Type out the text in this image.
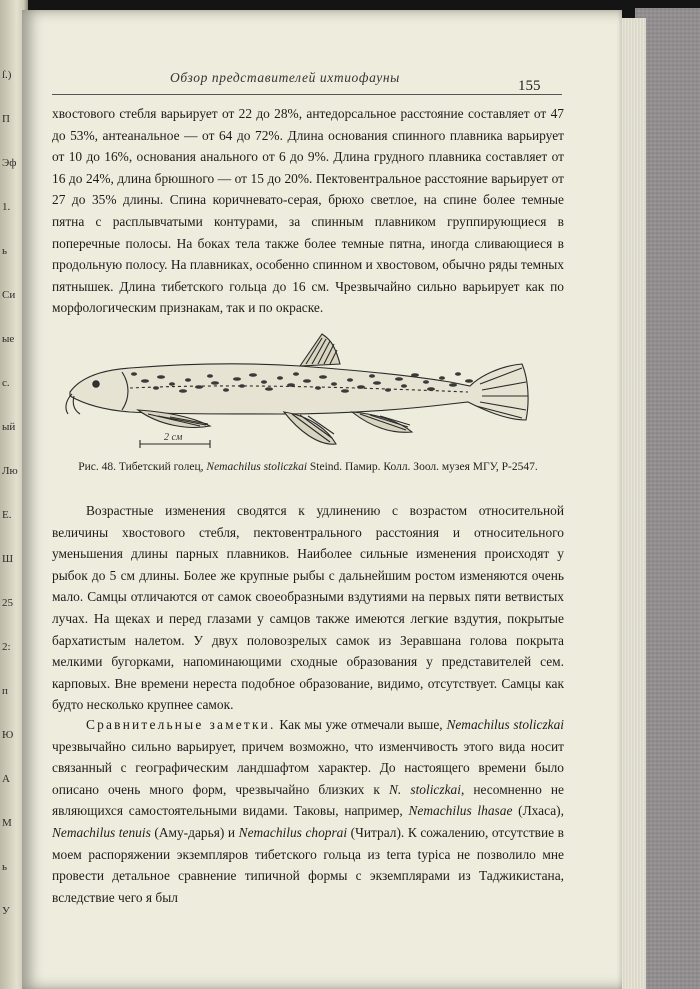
ſ.)
П
Эф
1.
ь
Си
ые
с.
ый
Лю
Е.
Ш
25
2:
п
Ю
А
М
ь
У
Обзор представителей ихтиофауны
155

хвостового стебля варьирует от 22 до 28%, антедорсальное расстояние составляет от 47 до 53%, антеанальное — от 64 до 72%. Длина основания спинного плавника варьирует от 10 до 16%, основания анального от 6 до 9%. Длина грудного плавника составляет от 16 до 24%, длина брюшного — от 15 до 20%. Пектовентральное расстояние варьирует от 27 до 35% длины. Спина коричневато-серая, брюхо светлое, на спине более темные пятна с расплывчатыми контурами, за спинным плавником группирующиеся в поперечные полосы. На боках тела также более темные пятна, иногда сливающиеся в продольную полосу. На плавниках, особенно спинном и хвостовом, обычно ряды темных пятнышек. Длина тибетского гольца до 16 см. Чрезвычайно сильно варьирует как по морфологическим признакам, так и по окраске.

2 см
Рис. 48. Тибетский голец, Nemachilus stoliczkai Steind. Памир. Колл. Зоол. музея МГУ, Р-2547.

Возрастные изменения сводятся к удлинению с возрастом относительной величины хвостового стебля, пектовентрального расстояния и относительного уменьшения длины парных плавников. Наиболее сильные изменения происходят у рыбок до 5 см длины. Более же крупные рыбы с дальнейшим ростом изменяются очень мало. Самцы отличаются от самок своеобразными вздутиями на первых пяти ветвистых лучах. На щеках и перед глазами у самцов также имеются легкие вздутия, покрытые бархатистым налетом. У двух половозрелых самок из Зеравшана голова покрыта мелкими бугорками, напоминающими сходные образования у представителей сем. карповых. Вне времени нереста подобное образование, видимо, отсутствует. Самцы как будто несколько крупнее самок.

Сравнительные заметки. Как мы уже отмечали выше, Nemachilus stoliczkai чрезвычайно сильно варьирует, причем возможно, что изменчивость этого вида носит связанный с географическим ландшафтом характер. До настоящего времени было описано очень много форм, чрезвычайно близких к N. stoliczkai, несомненно не являющихся самостоятельными видами. Таковы, например, Nemachilus lhasae (Лхаса), Nemachilus tenuis (Аму-дарья) и Nemachilus choprai (Читрал). К сожалению, отсутствие в моем распоряжении экземпляров тибетского гольца из terra typica не позволило мне провести детальное сравнение типичной формы с экземплярами из Таджикистана, вследствие чего я был
